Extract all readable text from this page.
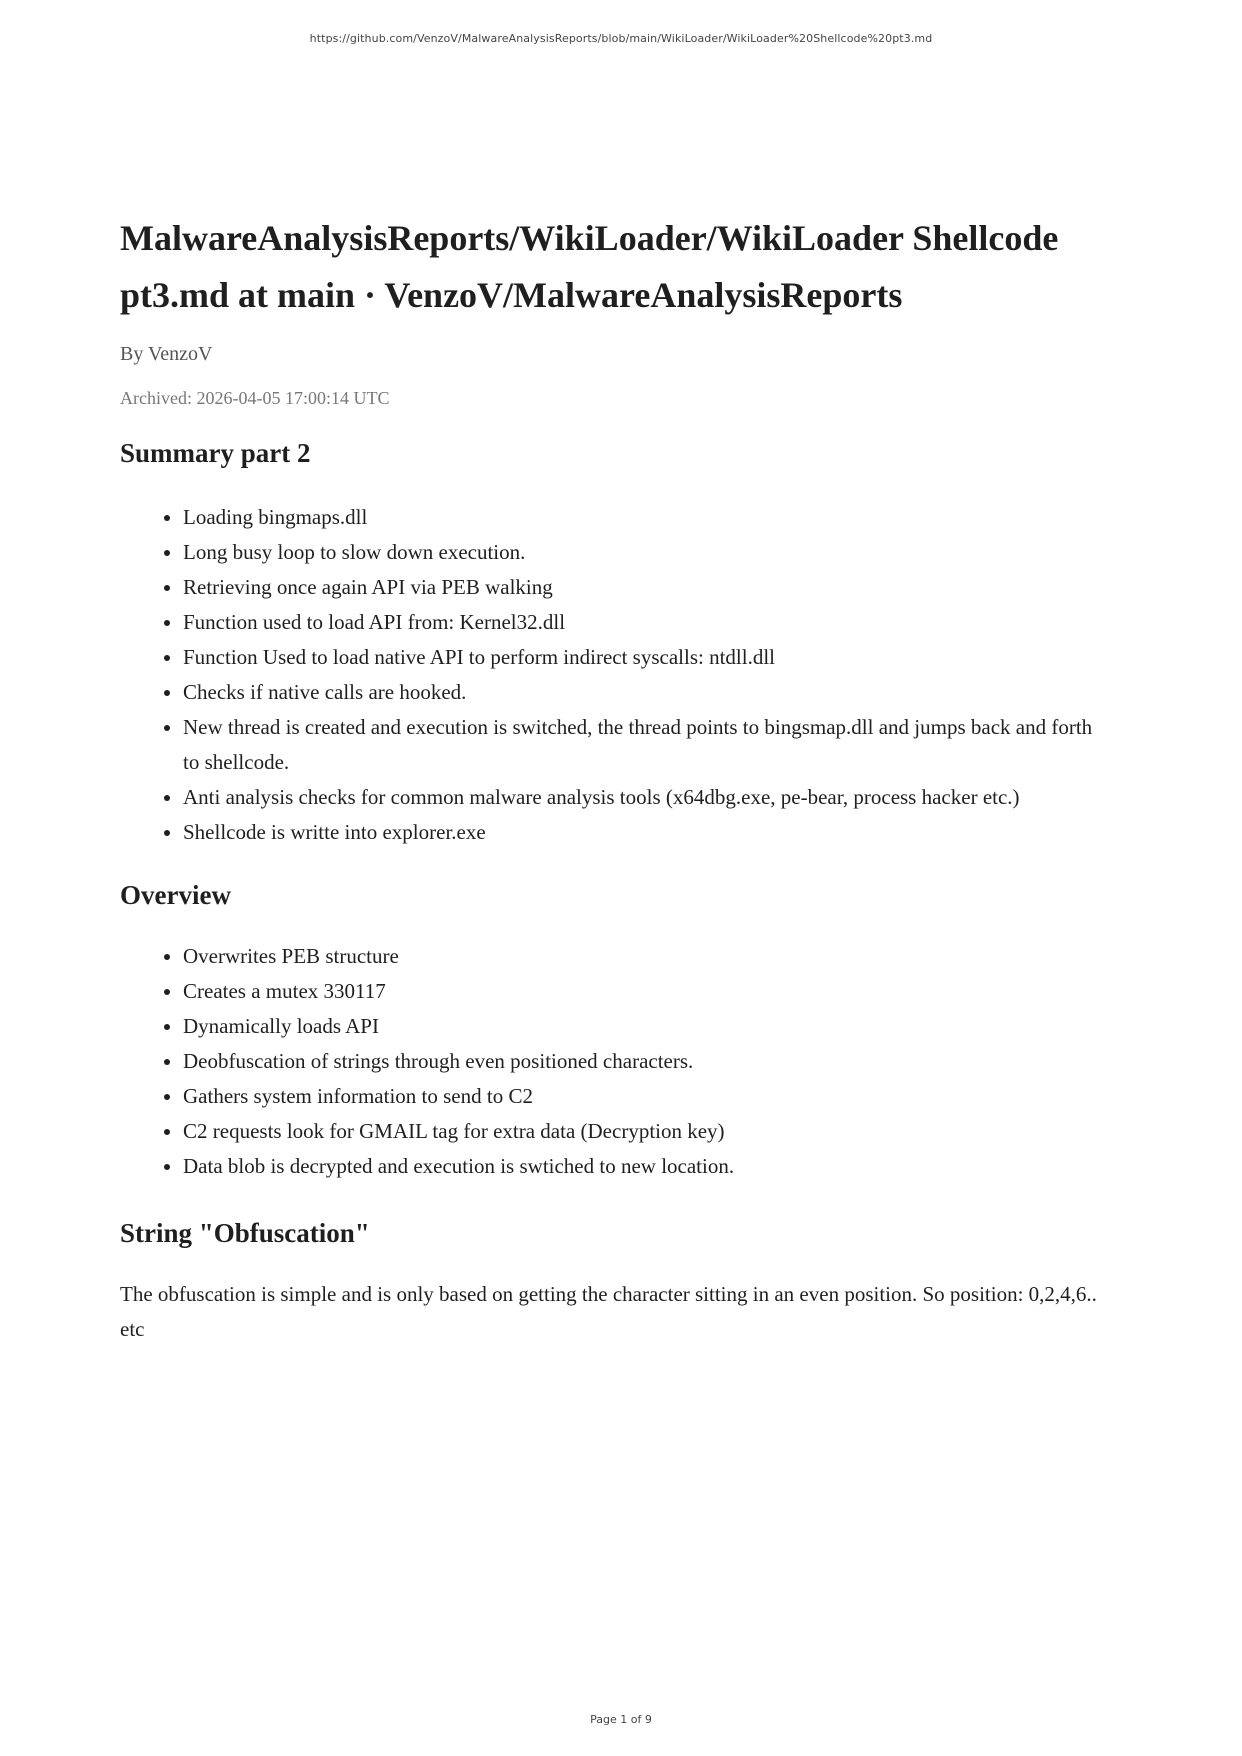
https://github.com/VenzoV/MalwareAnalysisReports/blob/main/WikiLoader/WikiLoader%20Shellcode%20pt3.md
MalwareAnalysisReports/WikiLoader/WikiLoader Shellcode pt3.md at main · VenzoV/MalwareAnalysisReports
By VenzoV
Archived: 2026-04-05 17:00:14 UTC
Summary part 2
• Loading bingmaps.dll
• Long busy loop to slow down execution.
• Retrieving once again API via PEB walking
• Function used to load API from: Kernel32.dll
• Function Used to load native API to perform indirect syscalls: ntdll.dll
• Checks if native calls are hooked.
• New thread is created and execution is switched, the thread points to bingsmap.dll and jumps back and forth to shellcode.
• Anti analysis checks for common malware analysis tools (x64dbg.exe, pe-bear, process hacker etc.)
• Shellcode is writte into explorer.exe
Overview
• Overwrites PEB structure
• Creates a mutex 330117
• Dynamically loads API
• Deobfuscation of strings through even positioned characters.
• Gathers system information to send to C2
• C2 requests look for GMAIL tag for extra data (Decryption key)
• Data blob is decrypted and execution is swtiched to new location.
String "Obfuscation"

The obfuscation is simple and is only based on getting the character sitting in an even position. So position: 0,2,4,6.. etc

Page 1 of 9
